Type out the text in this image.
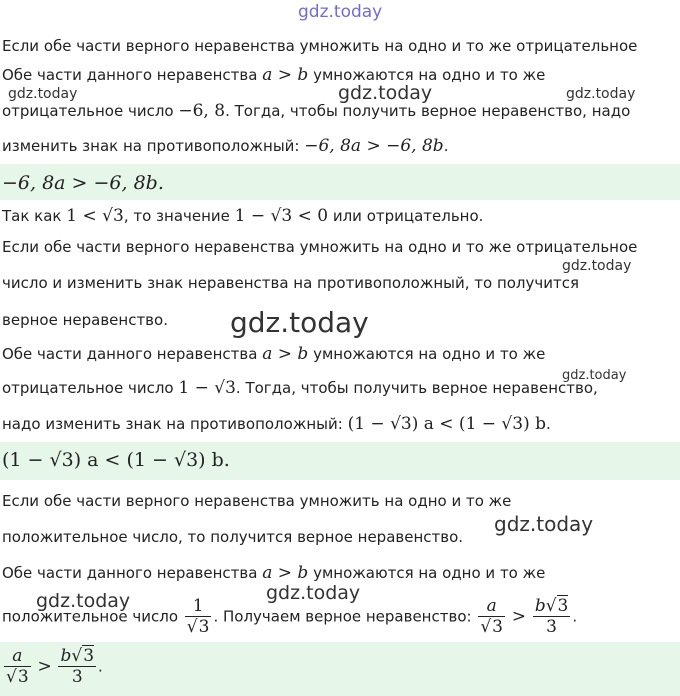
gdz.today
Если обе части верного неравенства умножить на одно и то же отрицательное
Обе части данного неравенства a > b умножаются на одно и то же
gdz.today	gdz.today	gdz.today
отрицательное число −6, 8. Тогда, чтобы получить верное неравенство, надо
изменить знак на противоположный: −6, 8a > −6, 8b.
−6, 8a > −6, 8b.
Так как 1 < √3, то значение 1 − √3 < 0 или отрицательно.
Если обе части верного неравенства умножить на одно и то же отрицательное
gdz.today
число и изменить знак неравенства на противоположный, то получится
верное неравенство. gdz.today
Обе части данного неравенства a > b умножаются на одно и то же
gdz.today
отрицательное число 1 − √3. Тогда, чтобы получить верное неравенство,
надо изменить знак на противоположный: (1 − √3) a < (1 − √3) b.
(1 − √3) a < (1 − √3) b.
Если обе части верного неравенства умножить на одно и то же
положительное число, то получится верное неравенство.
gdz.today
Обе части данного неравенства a > b умножаются на одно и то же
gdz.today	gdz.today
положительное число $\frac{1}{√3}$ . Получаем верное неравенство: $\frac{a}{√3} > \frac{b√3}{3}$ .
$\frac{a}{√3} > \frac{b√3}{3}$ .
